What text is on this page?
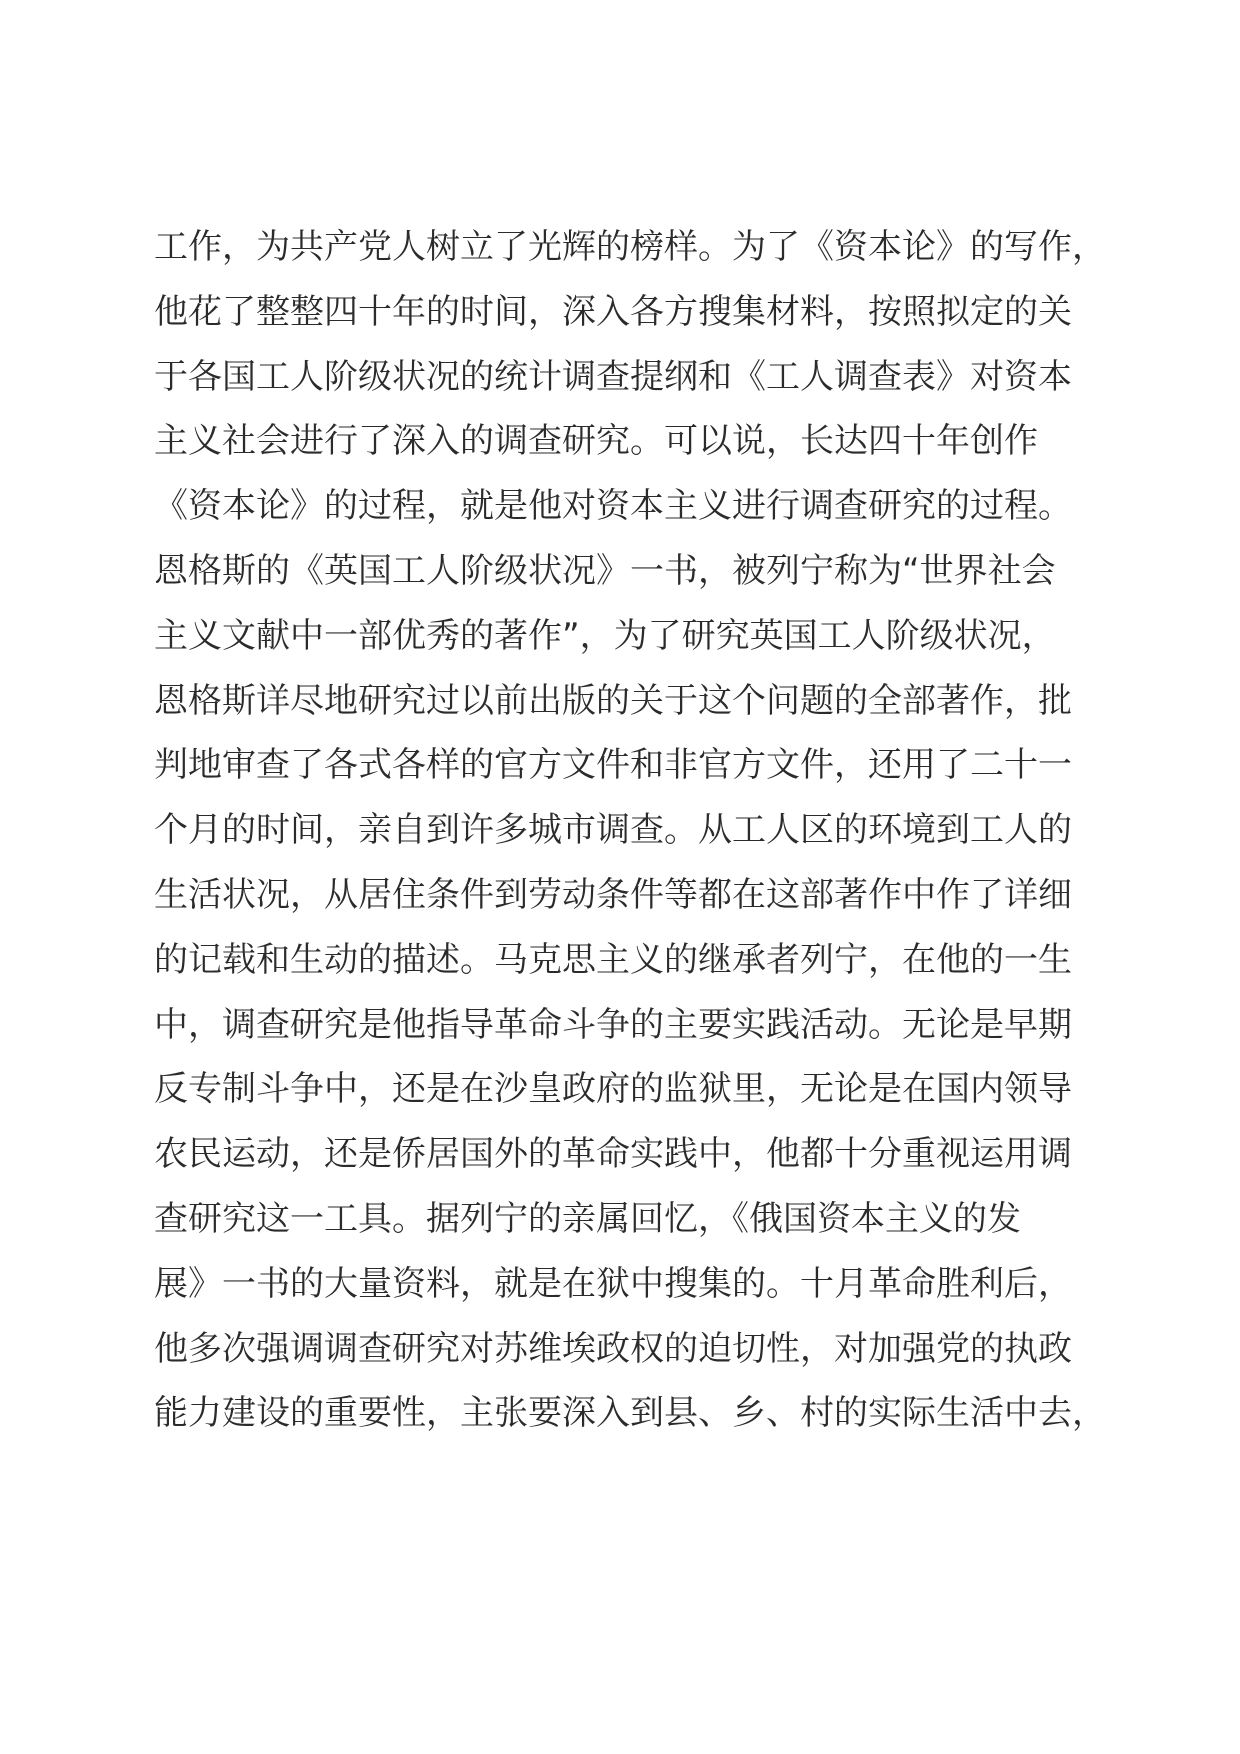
工作，为共产党人树立了光辉的榜样。为了《资本论》的写作，
他花了整整四十年的时间，深入各方搜集材料，按照拟定的关
于各国工人阶级状况的统计调查提纲和《工人调查表》对资本
主义社会进行了深入的调查研究。可以说，长达四十年创作
《资本论》的过程，就是他对资本主义进行调查研究的过程。
恩格斯的《英国工人阶级状况》一书，被列宁称为“世界社会
主义文献中一部优秀的著作”，为了研究英国工人阶级状况，
恩格斯详尽地研究过以前出版的关于这个问题的全部著作，批
判地审查了各式各样的官方文件和非官方文件，还用了二十一
个月的时间，亲自到许多城市调查。从工人区的环境到工人的
生活状况，从居住条件到劳动条件等都在这部著作中作了详细
的记载和生动的描述。马克思主义的继承者列宁，在他的一生
中，调查研究是他指导革命斗争的主要实践活动。无论是早期
反专制斗争中，还是在沙皇政府的监狱里，无论是在国内领导
农民运动，还是侨居国外的革命实践中，他都十分重视运用调
查研究这一工具。据列宁的亲属回忆，《俄国资本主义的发
展》一书的大量资料，就是在狱中搜集的。十月革命胜利后，
他多次强调调查研究对苏维埃政权的迫切性，对加强党的执政
能力建设的重要性，主张要深入到县、乡、村的实际生活中去，
